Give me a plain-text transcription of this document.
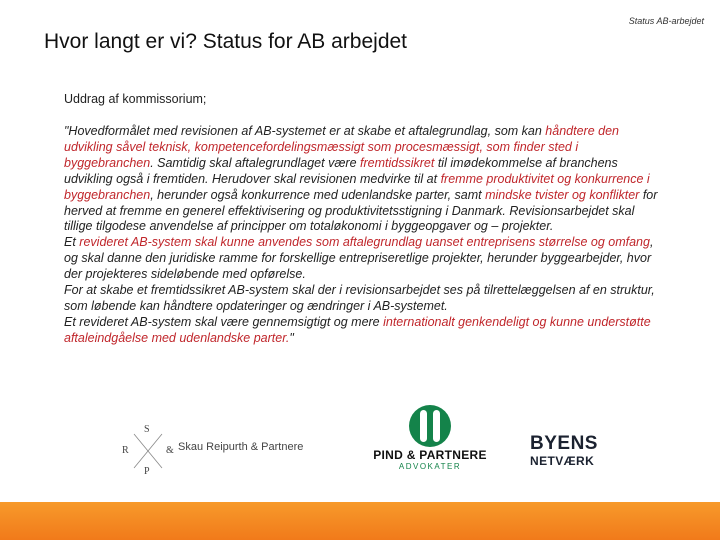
Status AB-arbejdet
Hvor langt er vi? Status for AB arbejdet
Uddrag af kommissorium;

"Hovedformålet med revisionen af AB-systemet er at skabe et aftalegrundlag, som kan håndtere den udvikling såvel teknisk, kompetencefordelingsmæssigt som procesmæssigt, som finder sted i byggebranchen. Samtidig skal aftalegrundlaget være fremtidssikret til imødekommelse af branchens udvikling også i fremtiden. Herudover skal revisionen medvirke til at fremme produktivitet og konkurrence i byggebranchen, herunder også konkurrence med udenlandske parter, samt mindske tvister og konflikter for herved at fremme en generel effektivisering og produktivitetsstigning i Danmark. Revisionsarbejdet skal tillige tilgodese anvendelse af principper om totaløkonomi i byggeopgaver og – projekter.

Et revideret AB-system skal kunne anvendes som aftalegrundlag uanset entreprisens størrelse og omfang, og skal danne den juridiske ramme for forskellige entrepriseretlige projekter, herunder byggearbejder, hvor der projekteres sideløbende med opførelse.

For at skabe et fremtidssikret AB-system skal der i revisionsarbejdet ses på tilrettelæggelsen af en struktur, som løbende kan håndtere opdateringer og ændringer i AB-systemet.

Et revideret AB-system skal være gennemsigtigt og mere internationalt genkendeligt og kunne understøtte aftaleindgåelse med udenlandske parter."

S
R	&
P
Skau Reipurth & Partnere
PIND & PARTNERE
ADVOKATER
BYENS
NETVÆRK
